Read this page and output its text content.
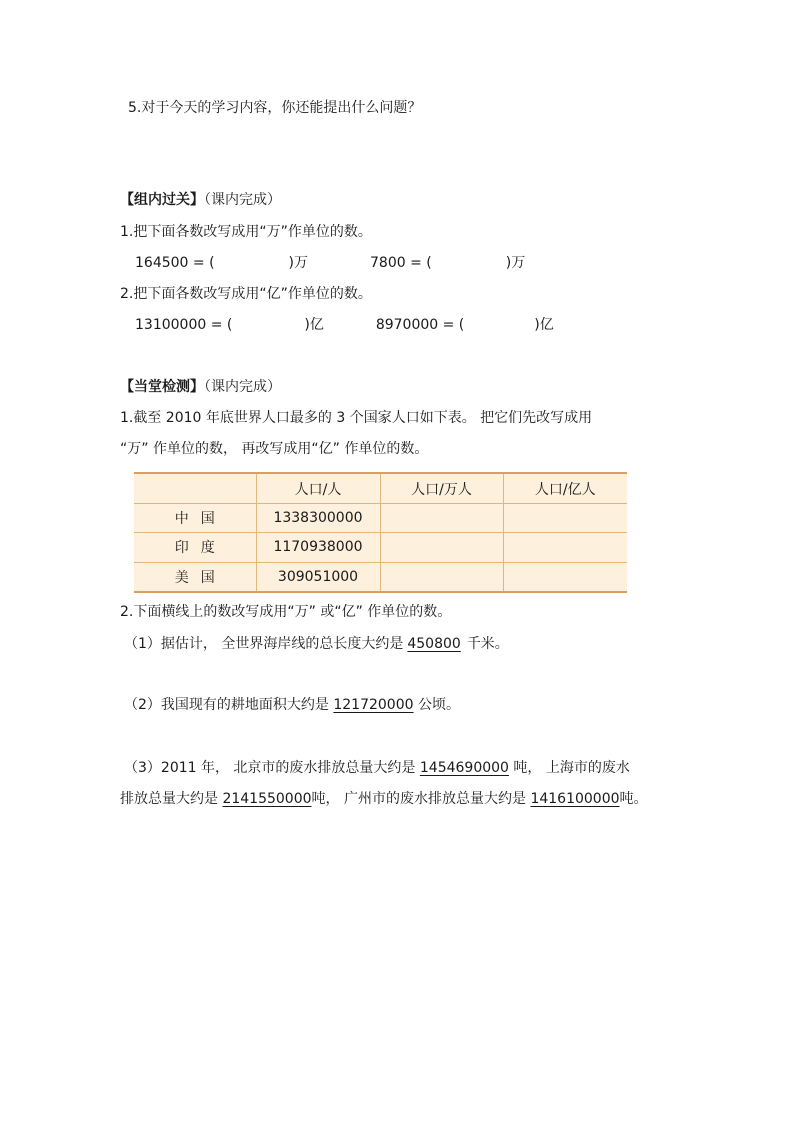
5.对于今天的学习内容，你还能提出什么问题？
【组内过关】（课内完成）
1.把下面各数改写成用“万”作单位的数。
164500 = (	)万	7800 = (	)万
2.把下面各数改写成用“亿”作单位的数。
13100000 = (	)亿	8970000 = (	)亿
【当堂检测】（课内完成）
1.截至 2010 年底世界人口最多的 3 个国家人口如下表。 把它们先改写成用
“万” 作单位的数， 再改写成用“亿” 作单位的数。
	人口/人	人口/万人	人口/亿人
中国	1338300000		
印度	1170938000		
美国	309051000		
2.下面横线上的数改写成用“万” 或“亿” 作单位的数。
（1）据估计， 全世界海岸线的总长度大约是 450800 千米。
（2）我国现有的耕地面积大约是 121720000 公顷。
（3）2011 年， 北京市的废水排放总量大约是 1454690000 吨， 上海市的废水
排放总量大约是 2141550000吨， 广州市的废水排放总量大约是 1416100000吨。
